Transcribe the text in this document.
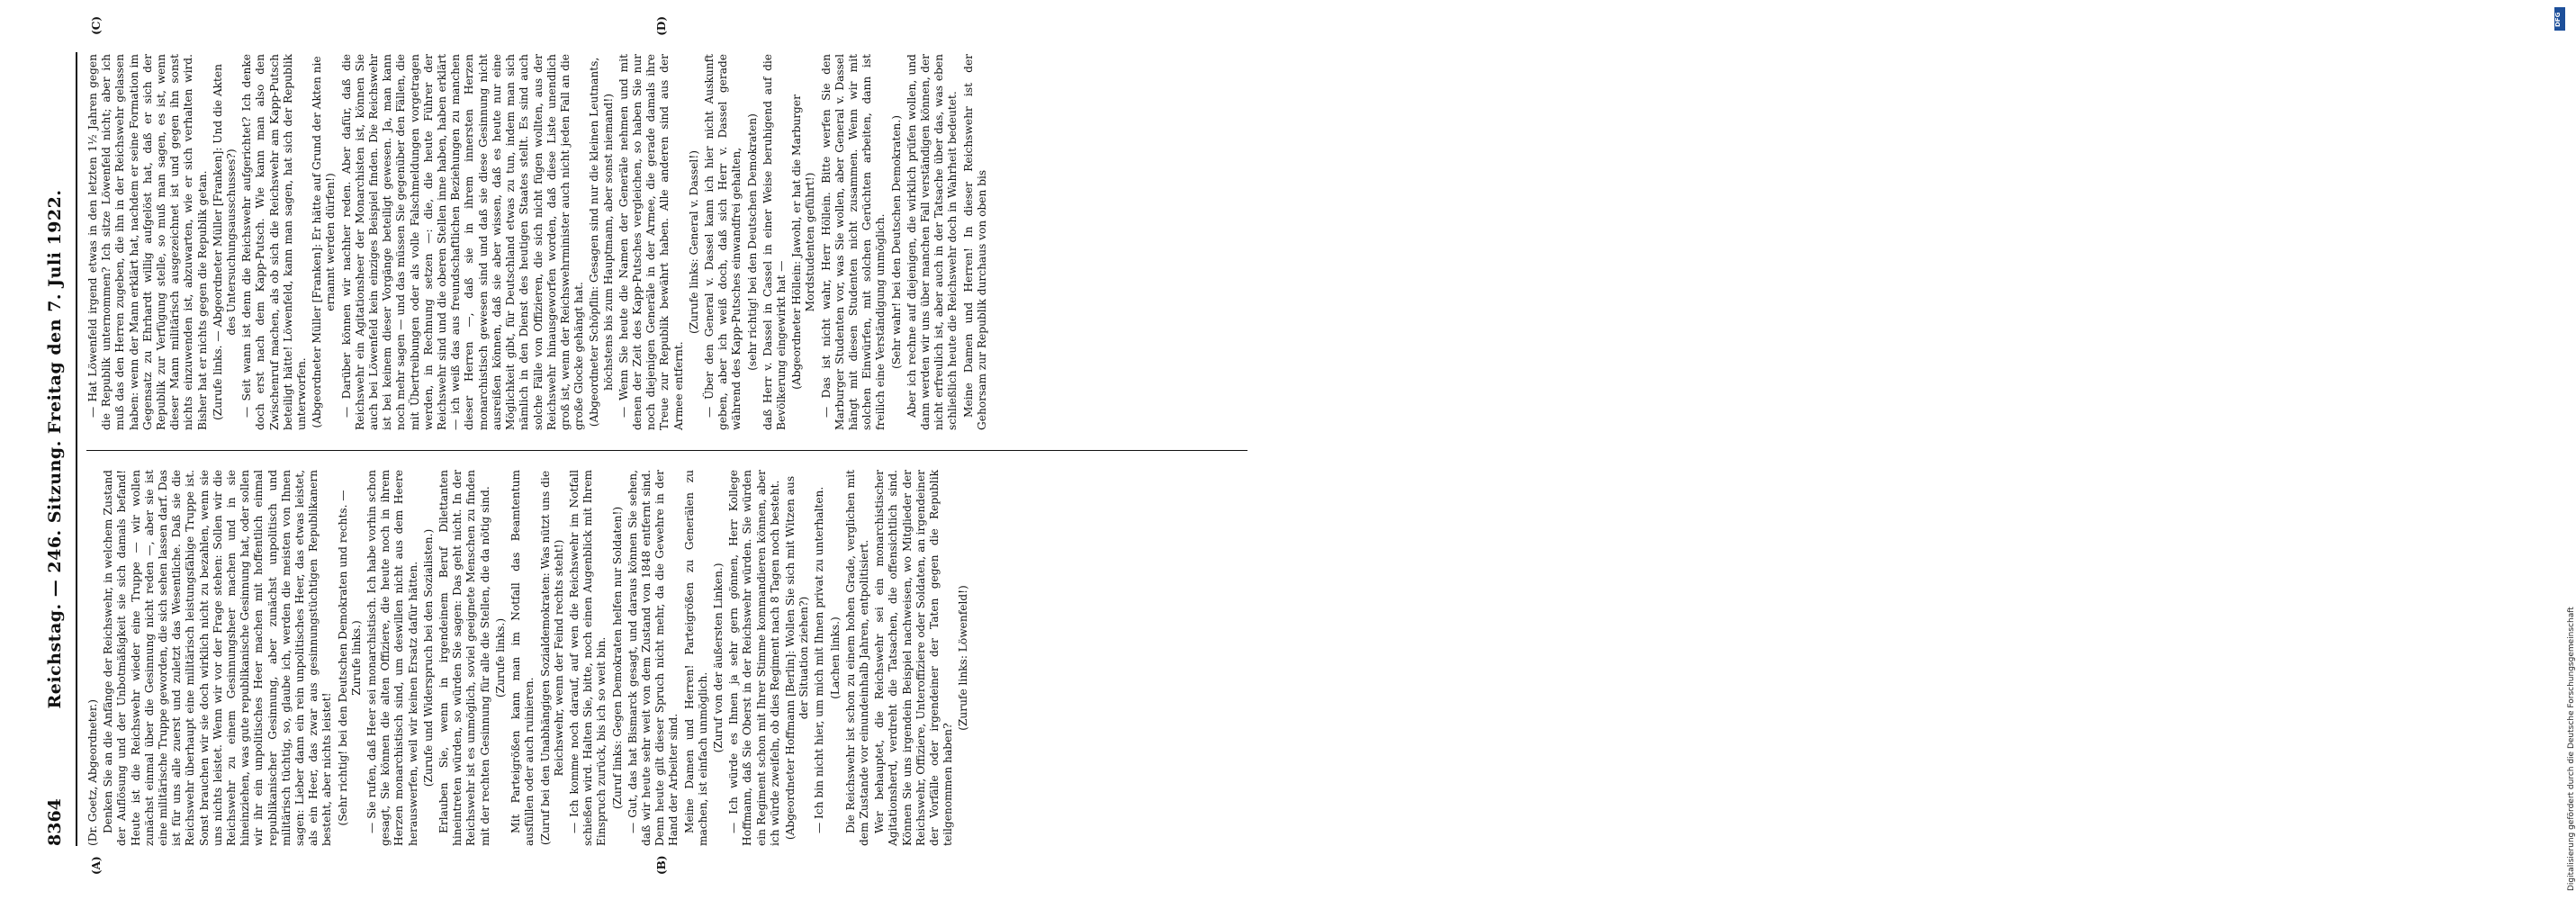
8364
Reichstag. — 246. Sitzung. Freitag den 7. Juli 1922.
(A)	(B)
(C)	(D)

(Dr. Goetz, Abgeordneter.) Denken Sie an die Anfänge der Reichswehr, in welchem Zustand der Auflösung und der Unbotmäßigkeit sie sich damals befand! Heute ist die Reichswehr wieder eine Truppe — wir wollen zunächst einmal über die Gesinnung nicht reden —, aber sie ist eine militärische Truppe geworden, die sich sehen lassen darf. Das ist für uns alle zuerst und zuletzt das Wesentliche. Daß sie die Reichswehr überhaupt eine militärisch leistungsfähige Truppe ist. Sonst brauchen wir sie doch wirklich nicht zu bezahlen, wenn sie uns nichts leistet. Wenn wir vor der Frage stehen: Sollen wir die Reichswehr zu einem Gesinnungsheer machen und in sie hineinziehen, was gute republikanische Gesinnung hat, oder sollen wir ihr ein unpolitisches Heer machen mit hoffentlich einmal republikanischer Gesinnung, aber zunächst unpolitisch und militärisch tüchtig, so, glaube ich, werden die meisten von Ihnen sagen: Lieber dann ein rein unpolitisches Heer, das etwas leistet, als ein Heer, das zwar aus gesinnungstüchtigen Republikanern besteht, aber nichts leistet! (Sehr richtig! bei den Deutschen Demokraten und rechts. — Zurufe links.) — Sie rufen, daß Heer sei monarchistisch. Ich habe vorhin schon gesagt, Sie können die alten Offiziere, die heute noch in ihrem Herzen monarchistisch sind, um deswillen nicht aus dem Heere herauswerfen, weil wir keinen Ersatz dafür hätten. (Zurufe und Widerspruch bei den Sozialisten.) Erlauben Sie, wenn in irgendeinem Beruf Dilettanten hineintreten würden, so würden Sie sagen: Das geht nicht. In der Reichswehr ist es unmöglich, soviel geeignete Menschen zu finden mit der rechten Gesinnung für alle die Stellen, die da nötig sind. (Zurufe links.) Mit Parteigrößen kann man im Notfall das Beamtentum ausfüllen oder auch ruinieren. (Zuruf bei den Unabhängigen Sozialdemokraten: Was nützt uns die Reichswehr, wenn der Feind rechts steht!) — Ich komme noch darauf, auf wen die Reichswehr im Notfall schießen wird. Halten Sie, bitte, noch einen Augenblick mit Ihrem Einspruch zurück, bis ich so weit bin. (Zuruf links: Gegen Demokraten helfen nur Soldaten!) — Gut, das hat Bismarck gesagt, und daraus können Sie sehen, daß wir heute sehr weit von dem Zustand von 1848 entfernt sind. Denn heute gilt dieser Spruch nicht mehr, da die Gewehre in der Hand der Arbeiter sind. Meine Damen und Herren! Parteigrößen zu Generälen zu machen, ist einfach unmöglich.

(Zuruf von der äußersten Linken.) — Ich würde es Ihnen ja sehr gern gönnen, Herr Kollege Hoffmann, daß Sie Oberst in der Reichswehr würden. Sie würden ein Regiment schon mit Ihrer Stimme kommandieren können, aber ich würde zweifeln, ob dies Regiment nach 8 Tagen noch besteht. (Abgeordneter Hoffmann [Berlin]: Wollen Sie sich mit Witzen aus der Situation ziehen?) — Ich bin nicht hier, um mich mit Ihnen privat zu unterhalten. (Lachen links.) Die Reichswehr ist schon zu einem hohen Grade, verglichen mit dem Zustande vor einundeinhalb Jahren, entpolitisiert. Wer behauptet, die Reichswehr sei ein monarchistischer Agitationsherd, verdreht die Tatsachen, die offensichtlich sind. Können Sie uns irgendein Beispiel nachweisen, wo Mitglieder der Reichswehr, Offiziere, Unteroffiziere oder Soldaten, an irgendeiner der Vorfälle oder irgendeiner der Taten gegen die Republik teilgenommen haben?

(Zurufe links: Löwenfeld!)

— Hat Löwenfeld irgend etwas in den letzten 1½ Jahren gegen die Republik unternommen? Ich sitze Löwenfeld nicht; aber ich muß das den Herren zugeben, die ihn in der Reichswehr gelassen haben: wenn der Mann erklärt hat, nachdem er seine Formation im Gegensatz zu Ehrhardt willig aufgelöst hat, daß er sich der Republik zur Verfügung stelle, so muß man sagen, es ist, wenn dieser Mann militärisch ausgezeichnet ist und gegen ihn sonst nichts einzuwenden ist, abzuwarten, wie er sich verhalten wird. Bisher hat er nichts gegen die Republik getan. (Zurufe links. — Abgeordneter Müller [Franken]: Und die Akten des Untersuchungsausschusses?) — Seit wann ist denn die Reichswehr aufgerichtet? Ich denke doch erst nach dem Kapp-Putsch. Wie kann man also den Zwischenruf machen, als ob sich die Reichswehr am Kapp-Putsch beteiligt hätte! Löwenfeld, kann man sagen, hat sich der Republik unterworfen. (Abgeordneter Müller [Franken]: Er hätte auf Grund der Akten nie ernannt werden dürfen!) — Darüber können wir nachher reden. Aber dafür, daß die Reichswehr ein Agitationsheer der Monarchisten ist, können Sie auch bei Löwenfeld kein einziges Beispiel finden. Die Reichswehr ist bei keinem dieser Vorgänge beteiligt gewesen. Ja, man kann noch mehr sagen — und das müssen Sie gegenüber den Fällen, die mit Übertreibungen oder als volle Falschmeldungen vorgetragen werden, in Rechnung setzen —: die, die heute Führer der Reichswehr sind und die oberen Stellen inne haben, haben erklärt — ich weiß das aus freundschaftlichen Beziehungen zu manchen dieser Herren —, daß sie in ihrem innersten Herzen monarchistisch gewesen sind und daß sie diese Gesinnung nicht ausreißen können, daß sie aber wissen, daß es heute nur eine Möglichkeit gibt, für Deutschland etwas zu tun, indem man sich nämlich in den Dienst des heutigen Staates stellt. Es sind auch solche Fälle von Offizieren, die sich nicht fügen wollten, aus der Reichswehr hinausgeworfen worden, daß diese Liste unendlich groß ist, wenn der Reichswehrminister auch nicht jeden Fall an die große Glocke gehängt hat. (Abgeordneter Schöpflin: Gesagen sind nur die kleinen Leutnants, höchstens bis zum Hauptmann, aber sonst niemand!) — Wenn Sie heute die Namen der Generäle nehmen und mit denen der Zeit des Kapp-Putsches vergleichen, so haben Sie nur noch diejenigen Generäle in der Armee, die gerade damals ihre Treue zur Republik bewährt haben. Alle anderen sind aus der Armee entfernt.

(Zurufe links: General v. Dassel!) — Über den General v. Dassel kann ich hier nicht Auskunft geben, aber ich weiß doch, daß sich Herr v. Dassel gerade während des Kapp-Putsches einwandfrei gehalten, (sehr richtig! bei den Deutschen Demokraten) daß Herr v. Dassel in Cassel in einer Weise beruhigend auf die Bevölkerung eingewirkt hat — (Abgeordneter Höllein: Jawohl, er hat die Marburger Mordstudenten geführt!) — Das ist nicht wahr, Herr Höllein. Bitte werfen Sie den Marburger Studenten vor, was Sie wollen, aber General v. Dassel hängt mit diesen Studenten nicht zusammen. Wenn wir mit solchen Einwürfen, mit solchen Gerüchten arbeiten, dann ist freilich eine Verständigung unmöglich. (Sehr wahr! bei den Deutschen Demokraten.) Aber ich rechne auf diejenigen, die wirklich prüfen wollen, und dann werden wir uns über manchen Fall verständigen können, der nicht erfreulich ist, aber auch in der Tatsache über das, was eben schließlich heute die Reichswehr doch in Wahrheit bedeutet. Meine Damen und Herren! In dieser Reichswehr ist der Gehorsam zur Republik durchaus von oben bis

DFG
Digitalisierung gefördert durch die Deutsche Forschungsgemeinschaft
